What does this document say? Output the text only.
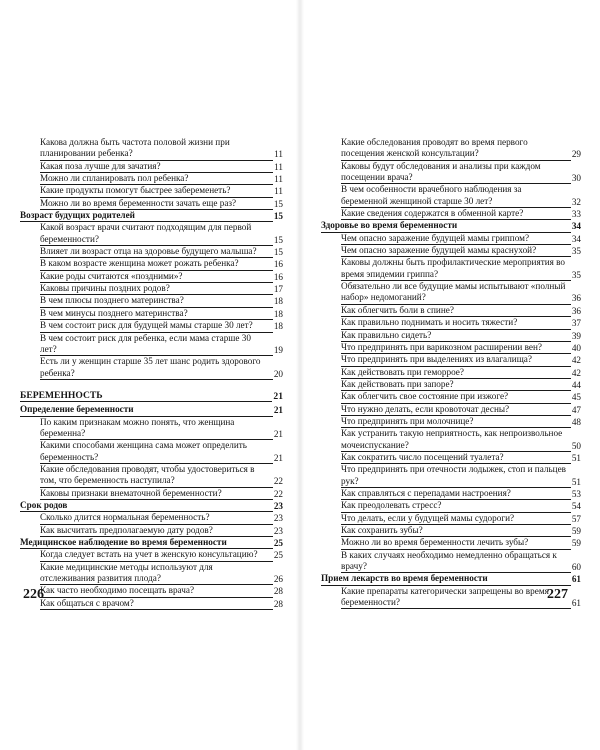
Какова должна быть частота половой жизни при планировании ребенка?	11
Какая поза лучше для зачатия?	11
Можно ли спланировать пол ребенка?	11
Какие продукты помогут быстрее забеременеть?	11
Можно ли во время беременности зачать еще раз?	15
Возраст будущих родителей	15
Какой возраст врачи считают подходящим для первой беременности?	15
Влияет ли возраст отца на здоровье будущего малыша?	15
В каком возрасте женщина может рожать ребенка?	16
Какие роды считаются «поздними»?	16
Каковы причины поздних родов?	17
В чем плюсы позднего материнства?	18
В чем минусы позднего материнства?	18
В чем состоит риск для будущей мамы старше 30 лет?	18
В чем состоит риск для ребенка, если мама старше 30 лет?	19
Есть ли у женщин старше 35 лет шанс родить здорового ребенка?	20
БЕРЕМЕННОСТЬ	21
Определение беременности	21
По каким признакам можно понять, что женщина беременна?	21
Какими способами женщина сама может определить беременность?	21
Какие обследования проводят, чтобы удостовериться в том, что беременность наступила?	22
Каковы признаки внематочной беременности?	22
Срок родов	23
Сколько длится нормальная беременность?	23
Как высчитать предполагаемую дату родов?	23
Медицинское наблюдение во время беременности	25
Когда следует встать на учет в женскую консультацию?	25
Какие медицинские методы используют для отслеживания развития плода?	26
Как часто необходимо посещать врача?	28
Как общаться с врачом?	28
Какие обследования проводят во время первого посещения женской консультации?	29
Каковы будут обследования и анализы при каждом посещении врача?	30
В чем особенности врачебного наблюдения за беременной женщиной старше 30 лет?	32
Какие сведения содержатся в обменной карте?	33
Здоровье во время беременности	34
Чем опасно заражение будущей мамы гриппом?	34
Чем опасно заражение будущей мамы краснухой?	35
Каковы должны быть профилактические мероприятия во время эпидемии гриппа?	35
Обязательно ли все будущие мамы испытывают «полный набор» недомоганий?	36
Как облегчить боли в спине?	36
Как правильно поднимать и носить тяжести?	37
Как правильно сидеть?	39
Что предпринять при варикозном расширении вен?	40
Что предпринять при выделениях из влагалища?	42
Как действовать при геморрое?	42
Как действовать при запоре?	44
Как облегчить свое состояние при изжоге?	45
Что нужно делать, если кровоточат десны?	47
Что предпринять при молочнице?	48
Как устранить такую неприятность, как непроизвольное мочеиспускание?	50
Как сократить число посещений туалета?	51
Что предпринять при отечности лодыжек, стоп и пальцев рук?	51
Как справляться с перепадами настроения?	53
Как преодолевать стресс?	54
Что делать, если у будущей мамы судороги?	57
Как сохранить зубы?	59
Можно ли во время беременности лечить зубы?	59
В каких случаях необходимо немедленно обращаться к врачу?	60
Прием лекарств во время беременности	61
Какие препараты категорически запрещены во время беременности?	61
226	227
